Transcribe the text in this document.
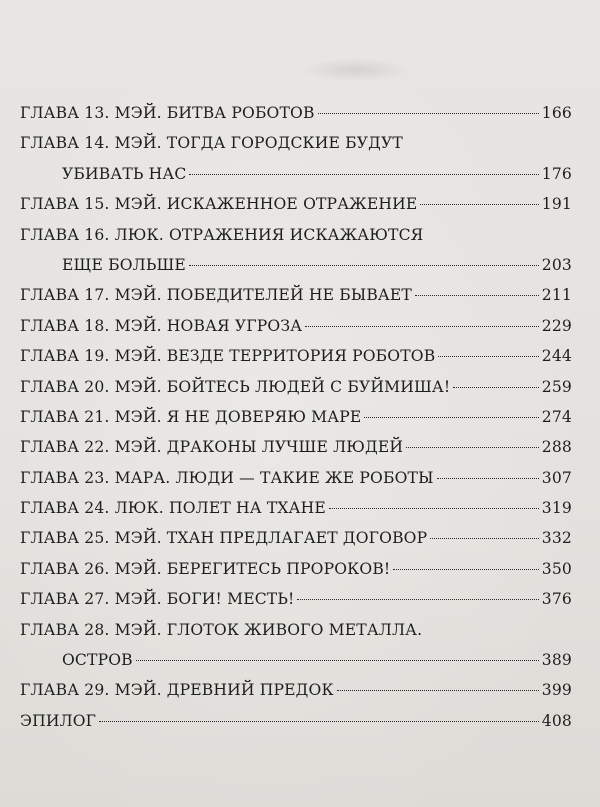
ГЛАВА 13. МЭЙ. БИТВА РОБОТОВ	166
ГЛАВА 14. МЭЙ. ТОГДА ГОРОДСКИЕ БУДУТ
УБИВАТЬ НАС	176
ГЛАВА 15. МЭЙ. ИСКАЖЕННОЕ ОТРАЖЕНИЕ	191
ГЛАВА 16. ЛЮК. ОТРАЖЕНИЯ ИСКАЖАЮТСЯ
ЕЩЕ БОЛЬШЕ	203
ГЛАВА 17. МЭЙ. ПОБЕДИТЕЛЕЙ НЕ БЫВАЕТ	211
ГЛАВА 18. МЭЙ. НОВАЯ УГРОЗА	229
ГЛАВА 19. МЭЙ. ВЕЗДЕ ТЕРРИТОРИЯ РОБОТОВ	244
ГЛАВА 20. МЭЙ. БОЙТЕСЬ ЛЮДЕЙ С БУЙМИША!	259
ГЛАВА 21. МЭЙ. Я НЕ ДОВЕРЯЮ МАРЕ	274
ГЛАВА 22. МЭЙ. ДРАКОНЫ ЛУЧШЕ ЛЮДЕЙ	288
ГЛАВА 23. МАРА. ЛЮДИ — ТАКИЕ ЖЕ РОБОТЫ	307
ГЛАВА 24. ЛЮК. ПОЛЕТ НА ТХАНЕ	319
ГЛАВА 25. МЭЙ. ТХАН ПРЕДЛАГАЕТ ДОГОВОР	332
ГЛАВА 26. МЭЙ. БЕРЕГИТЕСЬ ПРОРОКОВ!	350
ГЛАВА 27. МЭЙ. БОГИ! МЕСТЬ!	376
ГЛАВА 28. МЭЙ. ГЛОТОК ЖИВОГО МЕТАЛЛА.
ОСТРОВ	389
ГЛАВА 29. МЭЙ. ДРЕВНИЙ ПРЕДОК	399
ЭПИЛОГ	408
